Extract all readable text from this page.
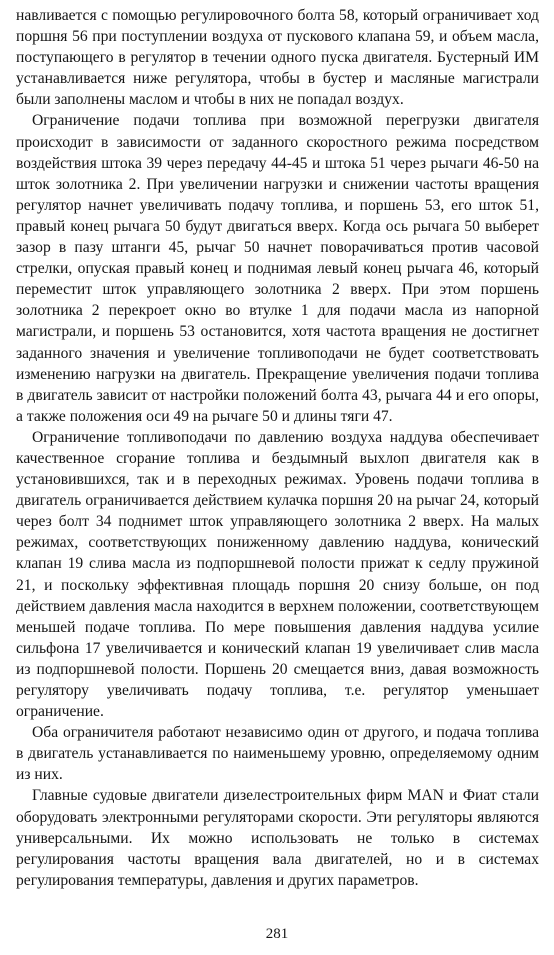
навливается с помощью регулировочного болта 58, который ограничивает ход поршня 56 при поступлении воздуха от пускового клапана 59, и объем масла, поступающего в регулятор в течении одного пуска двигателя. Бустерный ИМ устанавливается ниже регулятора, чтобы в бустер и масляные магистрали были заполнены маслом и чтобы в них не попадал воздух.

Ограничение подачи топлива при возможной перегрузки двигателя происходит в зависимости от заданного скоростного режима посредством воздействия штока 39 через передачу 44-45 и штока 51 через рычаги 46-50 на шток золотника 2. При увеличении нагрузки и снижении частоты вращения регулятор начнет увеличивать подачу топлива, и поршень 53, его шток 51, правый конец рычага 50 будут двигаться вверх. Когда ось рычага 50 выберет зазор в пазу штанги 45, рычаг 50 начнет поворачиваться против часовой стрелки, опуская правый конец и поднимая левый конец рычага 46, который переместит шток управляющего золотника 2 вверх. При этом поршень золотника 2 перекроет окно во втулке 1 для подачи масла из напорной магистрали, и поршень 53 остановится, хотя частота вращения не достигнет заданного значения и увеличение топливоподачи не будет соответствовать изменению нагрузки на двигатель. Прекращение увеличения подачи топлива в двигатель зависит от настройки положений болта 43, рычага 44 и его опоры, а также положения оси 49 на рычаге 50 и длины тяги 47.

Ограничение топливоподачи по давлению воздуха наддува обеспечивает качественное сгорание топлива и бездымный выхлоп двигателя как в установившихся, так и в переходных режимах. Уровень подачи топлива в двигатель ограничивается действием кулачка поршня 20 на рычаг 24, который через болт 34 поднимет шток управляющего золотника 2 вверх. На малых режимах, соответствующих пониженному давлению наддува, конический клапан 19 слива масла из подпоршневой полости прижат к седлу пружиной 21, и поскольку эффективная площадь поршня 20 снизу больше, он под действием давления масла находится в верхнем положении, соответствующем меньшей подаче топлива. По мере повышения давления наддува усилие сильфона 17 увеличивается и конический клапан 19 увеличивает слив масла из подпоршневой полости. Поршень 20 смещается вниз, давая возможность регулятору увеличивать подачу топлива, т.е. регулятор уменьшает ограничение.

Оба ограничителя работают независимо один от другого, и подача топлива в двигатель устанавливается по наименьшему уровню, определяемому одним из них.

Главные судовые двигатели дизелестроительных фирм MAN и Фиат стали оборудовать электронными регуляторами скорости. Эти регуляторы являются универсальными. Их можно использовать не только в системах регулирования частоты вращения вала двигателей, но и в системах регулирования температуры, давления и других параметров.

281
